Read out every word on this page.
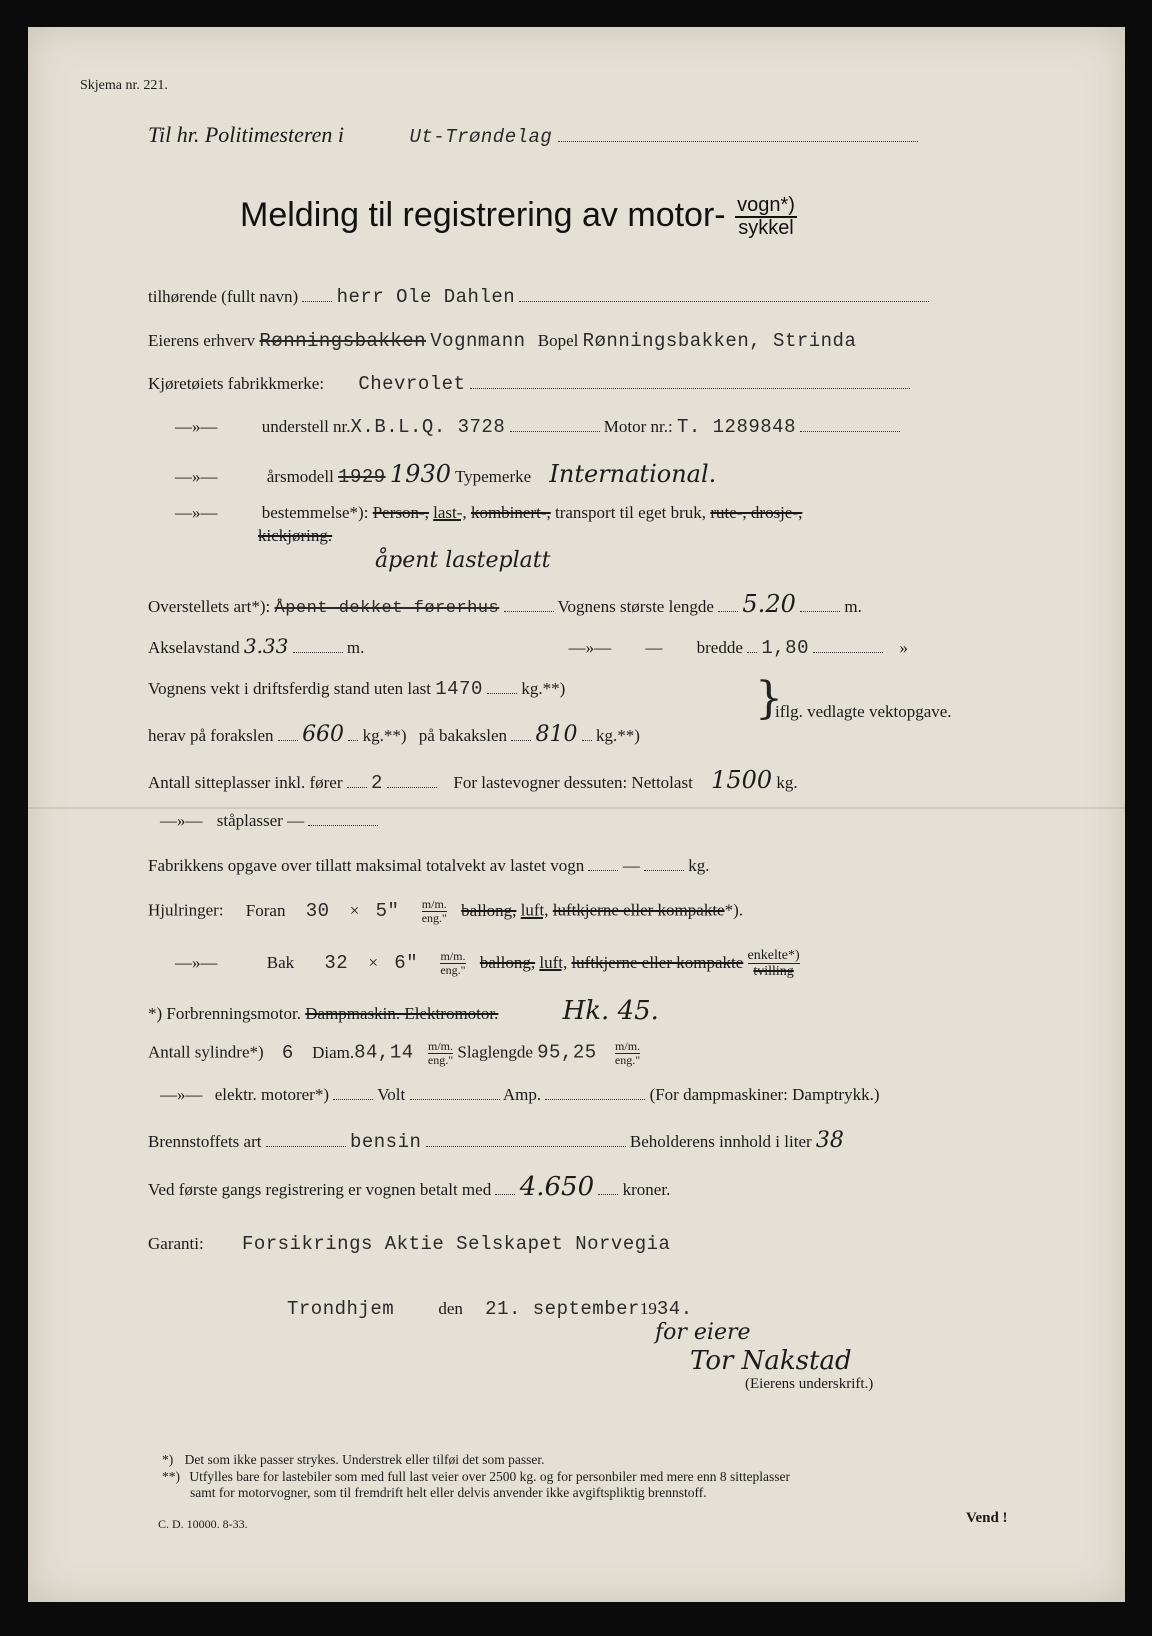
Skjema nr. 221.
Til hr. Politimesteren i	Ut-Trøndelag
Melding til registrering av motor- $\frac{\text{vogn*)}}{\text{sykkel}}$
tilhørende (fullt navn) herr Ole Dahlen
Eierens erhverv Rønningsbakken Vognmann Bopel Rønningsbakken, Strinda
Kjøretøiets fabrikkmerke: Chevrolet
—»—	understell nr.X.B.L.Q. 3728	Motor nr.: T. 1289848
—»—	årsmodell 1929 1930 Typemerke International.
—»—	bestemmelse*): Person-, last-, kombinert-, transport til eget bruk, rute-, drosje-,
kickjøring.
åpent lasteplatt
Overstellets art*): Åpent dekket førerhus	Vognens største lengde 5.20	m.
Akselavstand 3.33	m.	—»— — bredde 1,80	»
Vognens vekt i driftsferdig stand uten last 1470 kg.**)
herav på forakslen 660 kg.**) på bakakslen 810 kg.**)
}
iflg. vedlagte vektopgave.
Antall sitteplasser inkl. fører 2	For lastevogner dessuten: Nettolast 1500 kg.
—»— ståplasser —
Fabrikkens opgave over tillatt maksimal totalvekt av lastet vogn —	kg.
Hjulringer: Foran 30 × 5" m/m.
eng." ballong, luft, luftkjerne eller kompakte*).
—»—	Bak 32 × 6" m/m.
eng." ballong, luft, luftkjerne eller kompakte enkelte*)
tvilling
*) Forbrenningsmotor. Dampmaskin. Elektromotor. Hk. 45.
Antall sylindre*) 6 Diam.84,14 m/m.
eng." Slaglengde 95,25 m/m.
eng."
—»— elektr. motorer*)	Volt	Amp.	(For dampmaskiner: Damptrykk.)
Brennstoffets art	bensin	Beholderens innhold i liter 38
Ved første gangs registrering er vognen betalt med 4.650 kroner.
Garanti: Forsikrings Aktie Selskapet Norvegia
Trondhjem	den 21. september1934.
for eiere
Tor Nakstad
(Eierens underskrift.)
*) Det som ikke passer strykes. Understrek eller tilføi det som passer.
**) Utfylles bare for lastebiler som med full last veier over 2500 kg. og for personbiler med mere enn 8 sitteplasser
samt for motorvogner, som til fremdrift helt eller delvis anvender ikke avgiftspliktig brennstoff.
C. D. 10000. 8-33.	Vend !
